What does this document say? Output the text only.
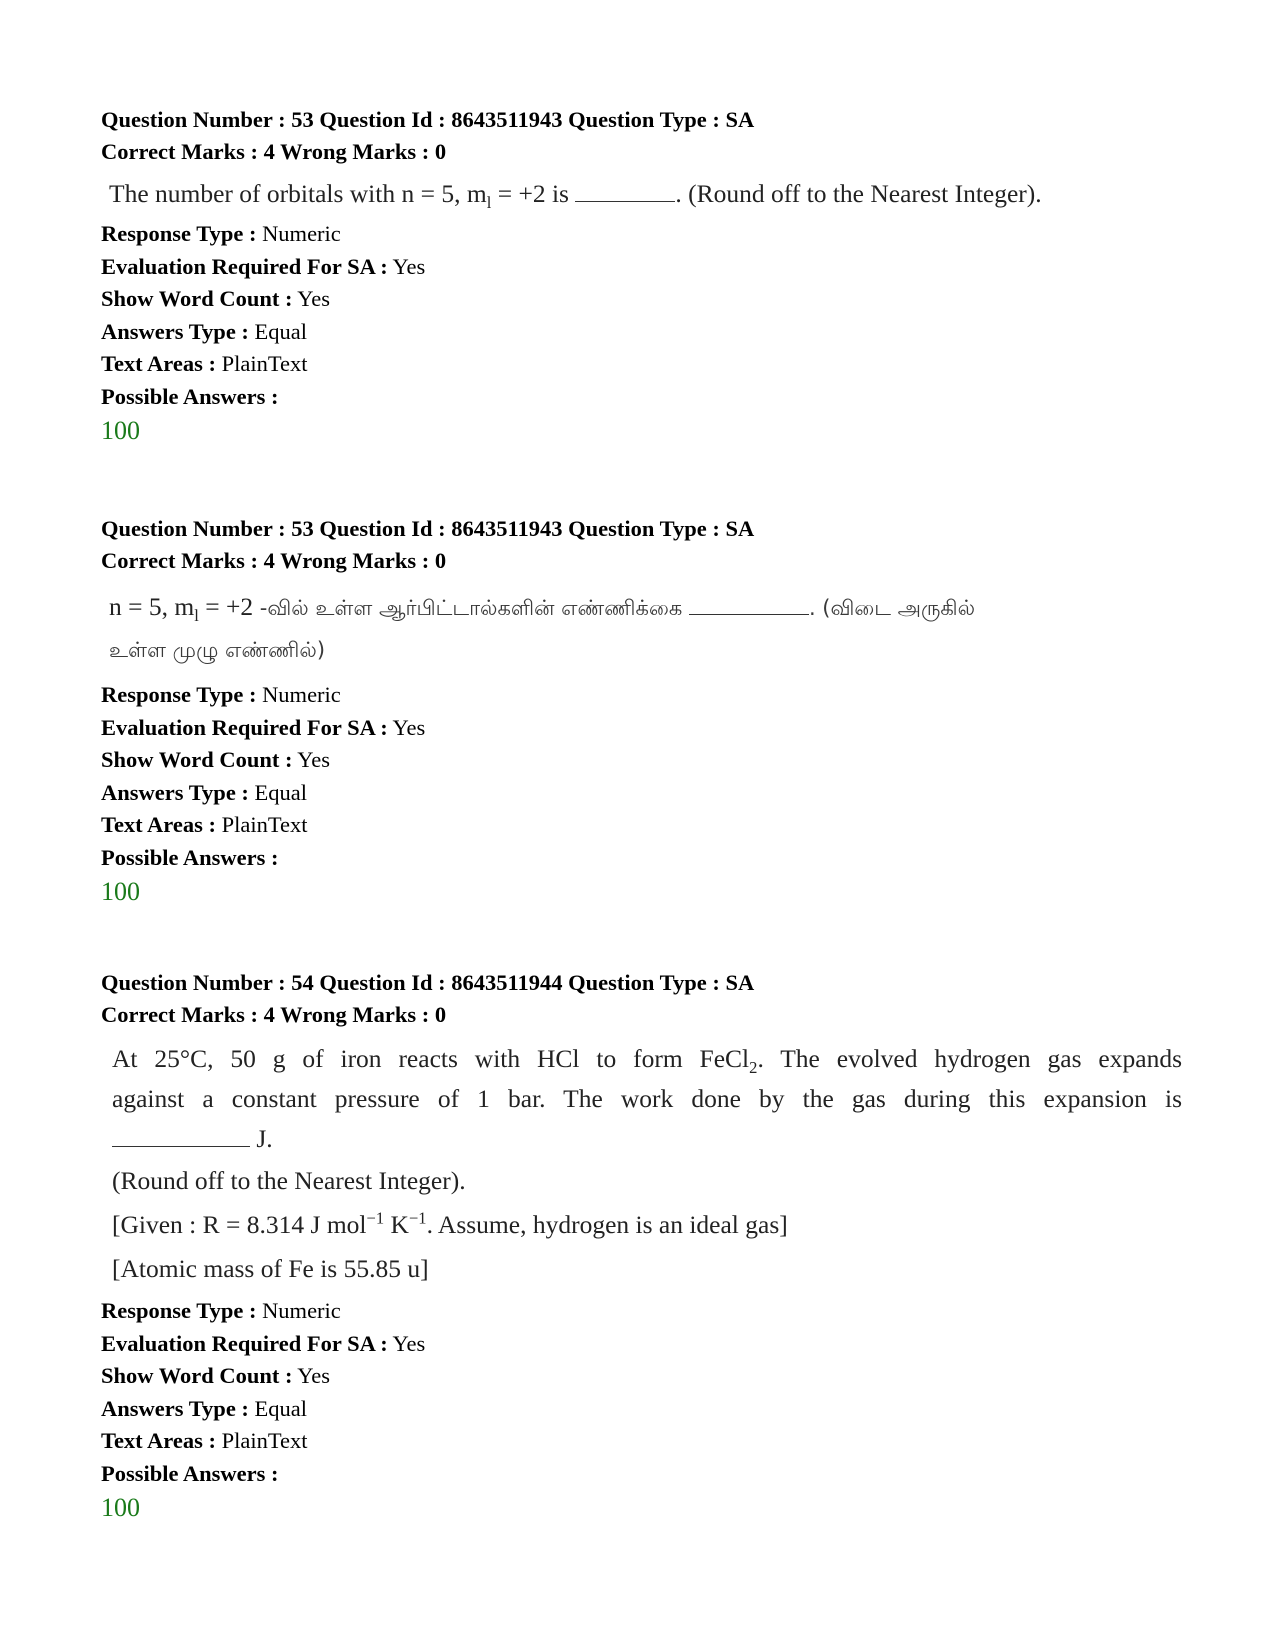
Question Number : 53 Question Id : 8643511943 Question Type : SA

Correct Marks : 4 Wrong Marks : 0

The number of orbitals with n = 5, $m_l = +2$ is	. (Round off to the Nearest Integer).

Response Type : Numeric

Evaluation Required For SA : Yes

Show Word Count : Yes

Answers Type : Equal

Text Areas : PlainText

Possible Answers :

100

Question Number : 53 Question Id : 8643511943 Question Type : SA

Correct Marks : 4 Wrong Marks : 0

n = 5, $m_l = +2$ -வில் உள்ள ஆர்பிட்டால்களின் எண்ணிக்கை	. (விடை அருகில்
உள்ள முழு எண்ணில்)

Response Type : Numeric

Evaluation Required For SA : Yes

Show Word Count : Yes

Answers Type : Equal

Text Areas : PlainText

Possible Answers :

100

Question Number : 54 Question Id : 8643511944 Question Type : SA

Correct Marks : 4 Wrong Marks : 0

At 25°C, 50 g of iron reacts with HCl to form FeCl$_2$. The evolved hydrogen gas expands
against a constant pressure of 1 bar. The work done by the gas during this expansion is
J.
(Round off to the Nearest Integer).
[Given : R = 8.314 J mol$^{-1}$ $K^{-1}$. Assume, hydrogen is an ideal gas]
[Atomic mass of Fe is 55.85 u]

Response Type : Numeric

Evaluation Required For SA : Yes

Show Word Count : Yes

Answers Type : Equal

Text Areas : PlainText

Possible Answers :

100
